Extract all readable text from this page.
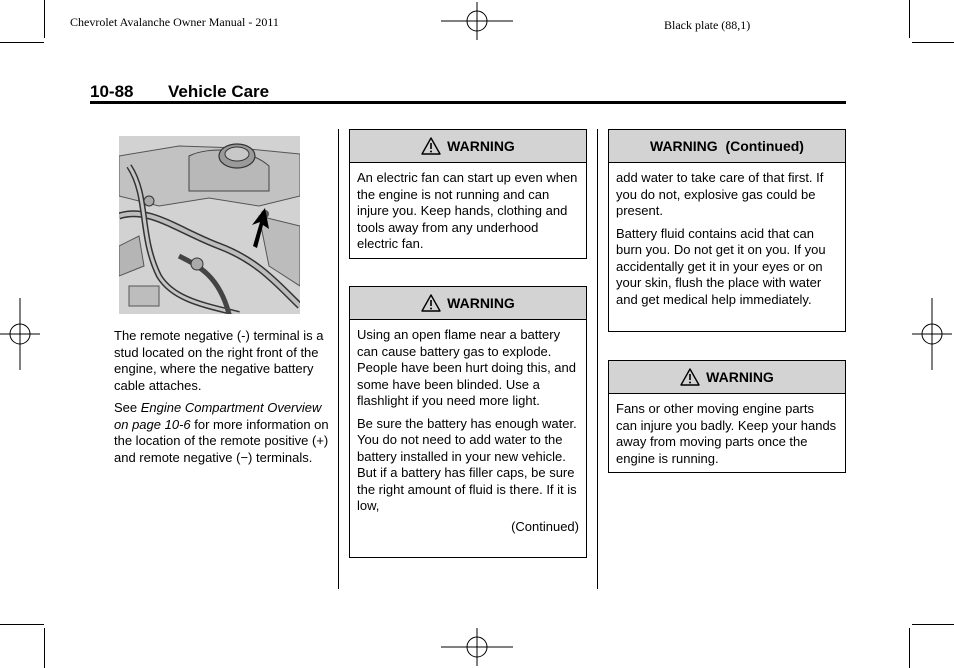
Chevrolet Avalanche Owner Manual - 2011	Black plate (88,1)
10-88 Vehicle Care

The remote negative (-) terminal is a stud located on the right front of the engine, where the negative battery cable attaches.

See Engine Compartment Overview on page 10-6 for more information on the location of the remote positive (+) and remote negative (−) terminals.

WARNING

An electric fan can start up even when the engine is not running and can injure you. Keep hands, clothing and tools away from any underhood electric fan.

WARNING

Using an open flame near a battery can cause battery gas to explode. People have been hurt doing this, and some have been blinded. Use a flashlight if you need more light.

Be sure the battery has enough water. You do not need to add water to the battery installed in your new vehicle. But if a battery has filler caps, be sure the right amount of fluid is there. If it is low,

(Continued)
WARNING  (Continued)

add water to take care of that first. If you do not, explosive gas could be present.

Battery fluid contains acid that can burn you. Do not get it on you. If you accidentally get it in your eyes or on your skin, flush the place with water and get medical help immediately.

WARNING

Fans or other moving engine parts can injure you badly. Keep your hands away from moving parts once the engine is running.
